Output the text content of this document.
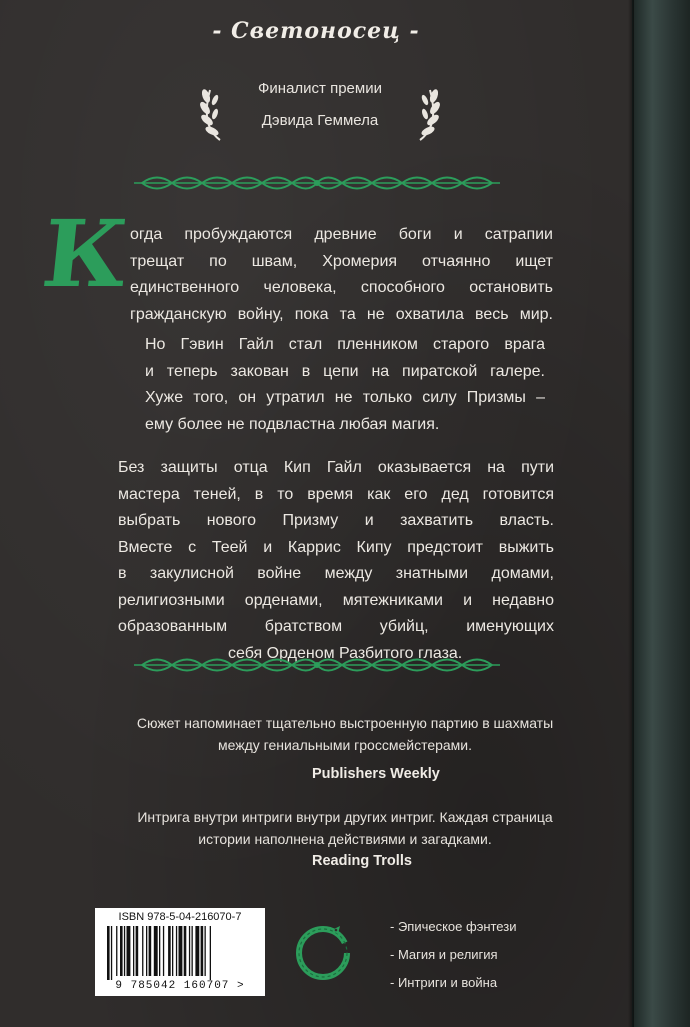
- Светоносец -
Финалист премии
Дэвида Геммела
К
огда пробуждаются древние боги и сатрапии
трещат по швам, Хромерия отчаянно ищет
единственного человека, способного остановить
гражданскую войну, пока та не охватила весь мир.
Но Гэвин Гайл стал пленником старого врага
и теперь закован в цепи на пиратской галере.
Хуже того, он утратил не только силу Призмы –
ему более не подвластна любая магия.
Без защиты отца Кип Гайл оказывается на пути
мастера теней, в то время как его дед готовится
выбрать нового Призму и захватить власть.
Вместе с Теей и Каррис Кипу предстоит выжить
в закулисной войне между знатными домами,
религиозными орденами, мятежниками и недавно
образованным братством убийц, именующих
себя Орденом Разбитого глаза.
Сюжет напоминает тщательно выстроенную партию в шахматы
между гениальными гроссмейстерами.
Publishers Weekly
Интрига внутри интриги внутри других интриг. Каждая страница
истории наполнена действиями и загадками.
Reading Trolls
ISBN 978-5-04-216070-7
9 785042 160707 >
- Эпическое фэнтези
- Магия и религия
- Интриги и война
